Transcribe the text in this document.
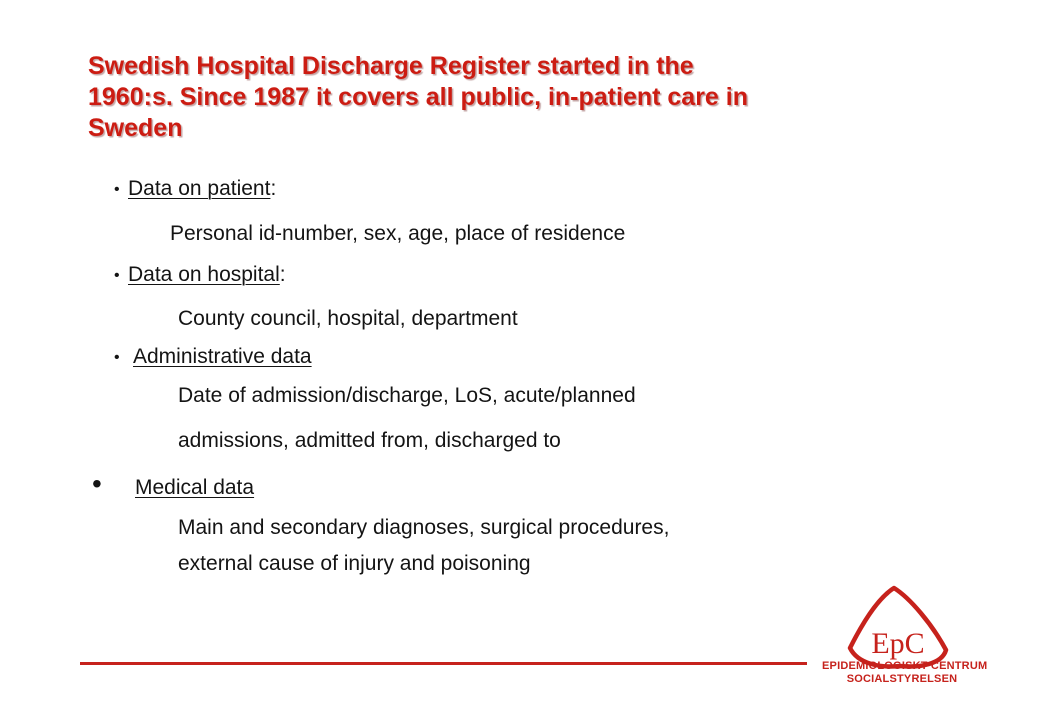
Swedish Hospital Discharge Register started in the
1960:s. Since 1987 it covers all public, in-patient care in
Sweden
• Data on patient:
Personal id-number, sex, age, place of residence
• Data on hospital:
County council, hospital, department
• Administrative data
Date of admission/discharge, LoS, acute/planned
admissions, admitted from, discharged to
• Medical data
Main and secondary diagnoses, surgical procedures,
external cause of injury and poisoning
EpC
EPIDEMIOLOGISKT CENTRUM
SOCIALSTYRELSEN
